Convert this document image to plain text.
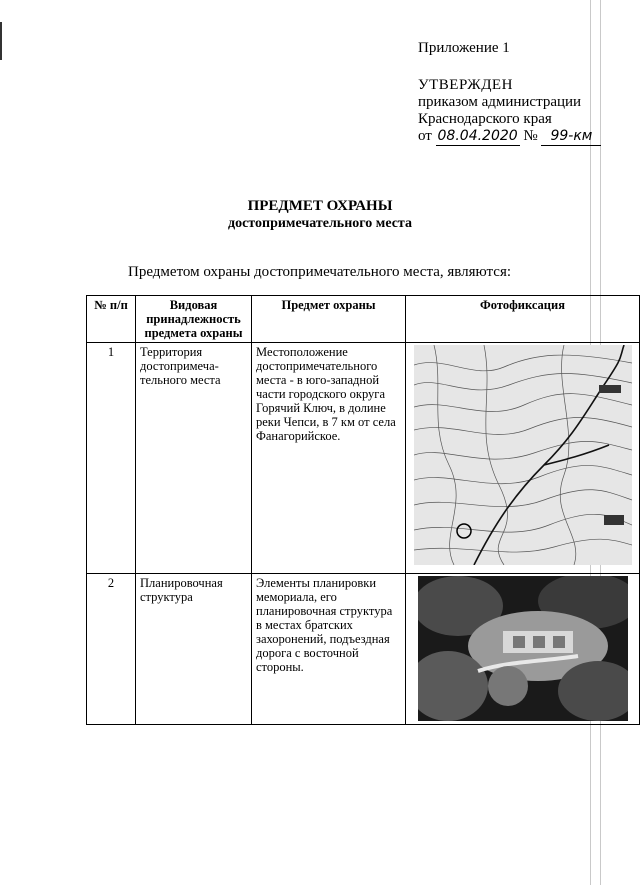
Приложение 1
УТВЕРЖДЕН
приказом администрации
Краснодарского края
от 08.04.2020 № 99-км
ПРЕДМЕТ ОХРАНЫ
достопримечательного места
Предметом охраны достопримечательного места, являются:
№ п/п	Видовая принадлежность предмета охраны	Предмет охраны	Фотофиксация
1	Территория достопримеча-тельного места	Местоположение достопримечательного места - в юго-западной части городского округа Горячий Ключ, в долине реки Чепси, в 7 км от села Фанагорийское.	

2	Планировочная структура	Элементы планировки мемориала, его планировочная структура в местах братских захоронений, подъездная дорога с восточной стороны.	
